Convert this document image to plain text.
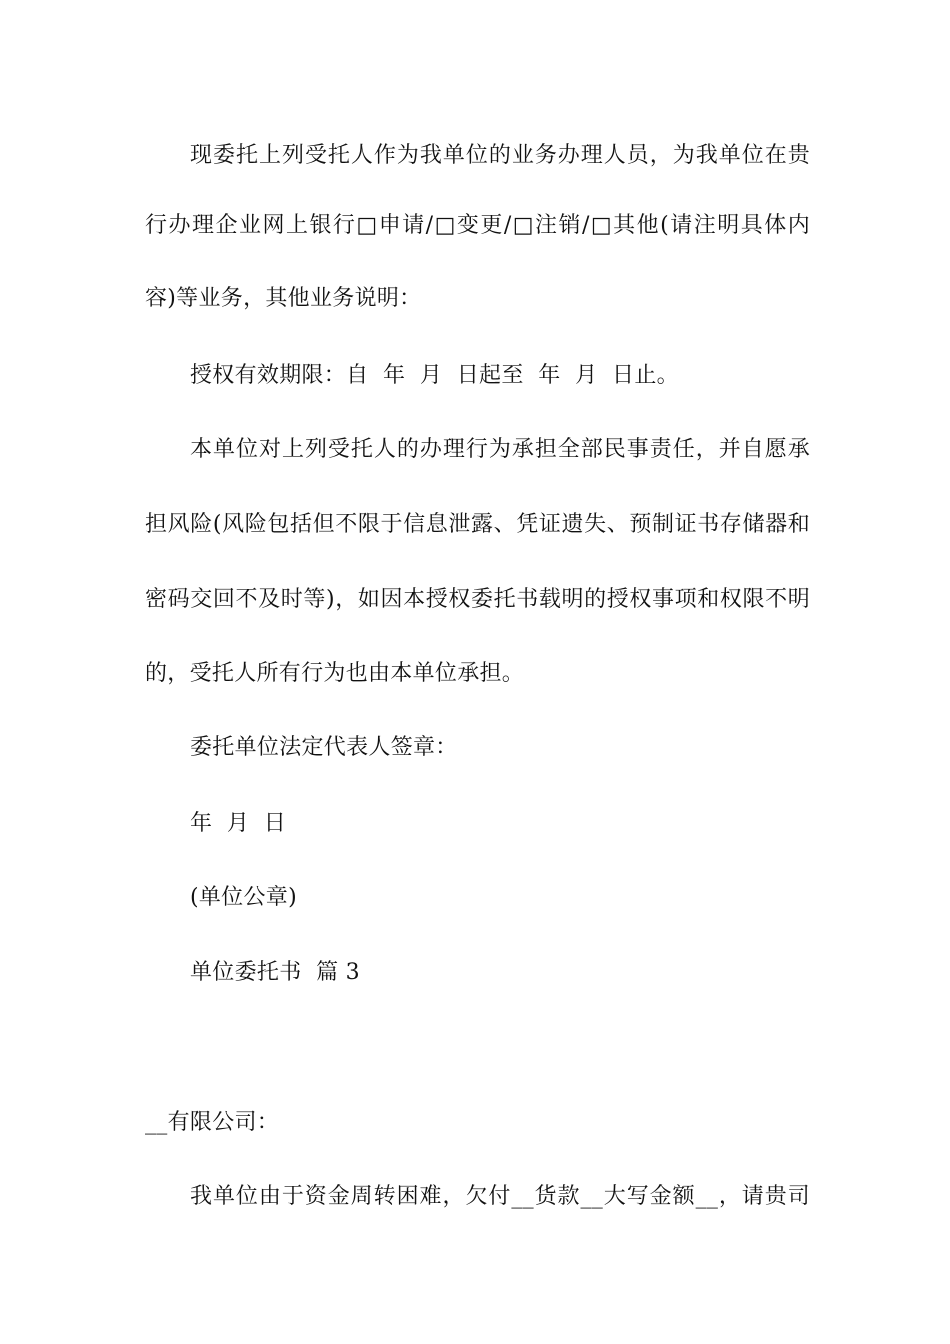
现委托上列受托人作为我单位的业务办理人员，为我单位在贵
行办理企业网上银行□申请/□变更/□注销/□其他(请注明具体内
容)等业务，其他业务说明：
授权有效期限：自  年  月  日起至  年  月  日止。
本单位对上列受托人的办理行为承担全部民事责任，并自愿承
担风险(风险包括但不限于信息泄露、凭证遗失、预制证书存储器和
密码交回不及时等)，如因本授权委托书载明的授权事项和权限不明
的，受托人所有行为也由本单位承担。
委托单位法定代表人签章：
年  月  日
(单位公章)
单位委托书  篇 3
__有限公司：
我单位由于资金周转困难，欠付__货款__大写金额__，请贵司
